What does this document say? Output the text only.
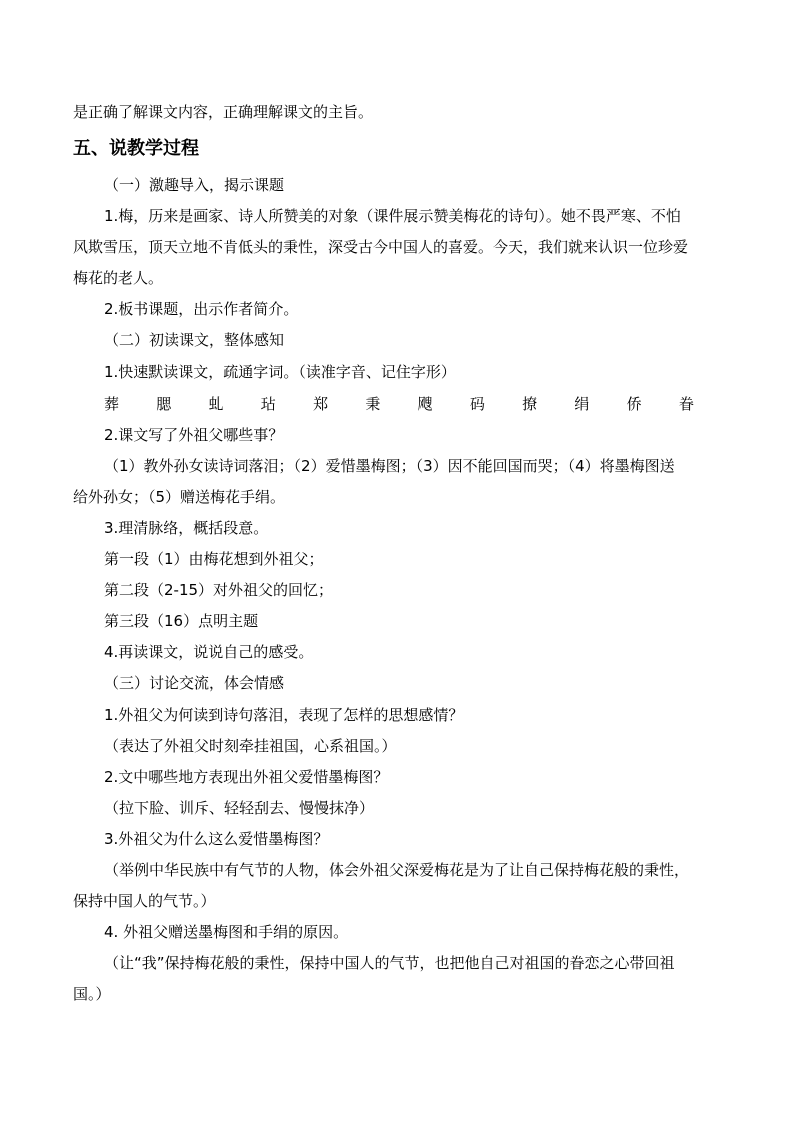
是正确了解课文内容，正确理解课文的主旨。
五、说教学过程
（一）激趣导入，揭示课题
1.梅，历来是画家、诗人所赞美的对象（课件展示赞美梅花的诗句）。她不畏严寒、不怕
风欺雪压，顶天立地不肯低头的秉性，深受古今中国人的喜爱。今天，我们就来认识一位珍爱
梅花的老人。
2.板书课题，出示作者简介。
（二）初读课文，整体感知
1.快速默读课文，疏通字词。（读准字音、记住字形）
葬 腮 虬 玷 郑 秉 飕 码 撩 绢 侨 眷
2.课文写了外祖父哪些事？
（1）教外孙女读诗词落泪；（2）爱惜墨梅图；（3）因不能回国而哭；（4）将墨梅图送
给外孙女；（5）赠送梅花手绢。
3.理清脉络，概括段意。
第一段（1）由梅花想到外祖父；
第二段（2-15）对外祖父的回忆；
第三段（16）点明主题
4.再读课文，说说自己的感受。
（三）讨论交流，体会情感
1.外祖父为何读到诗句落泪，表现了怎样的思想感情？
（表达了外祖父时刻牵挂祖国，心系祖国。）
2.文中哪些地方表现出外祖父爱惜墨梅图？
（拉下脸、训斥、轻轻刮去、慢慢抹净）
3.外祖父为什么这么爱惜墨梅图？
（举例中华民族中有气节的人物，体会外祖父深爱梅花是为了让自己保持梅花般的秉性，
保持中国人的气节。）
4. 外祖父赠送墨梅图和手绢的原因。
（让“我”保持梅花般的秉性，保持中国人的气节，也把他自己对祖国的眷恋之心带回祖
国。）
